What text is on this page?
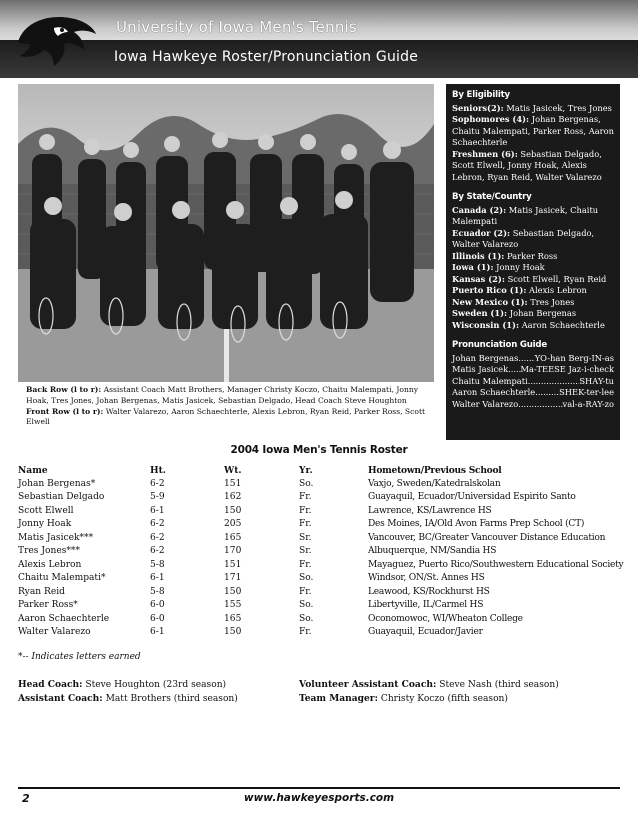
University of Iowa Men's Tennis
Iowa Hawkeye Roster/Pronunciation Guide
By Eligibility
Seniors(2): Matis Jasicek, Tres Jones
Sophomores (4): Johan Bergenas, Chaitu Malempati, Parker Ross, Aaron Schaechterle
Freshmen (6): Sebastian Delgado, Scott Elwell, Jonny Hoak, Alexis Lebron, Ryan Reid, Walter Valarezo
By State/Country
Canada (2): Matis Jasicek, Chaitu Malempati
Ecuador (2): Sebastian Delgado, Walter Valarezo
Illinois (1): Parker Ross
Iowa (1): Jonny Hoak
Kansas (2): Scott Elwell, Ryan Reid
Puerto Rico (1): Alexis Lebron
New Mexico (1): Tres Jones
Sweden (1): Johan Bergenas
Wisconsin (1): Aaron Schaechterle
Pronunciation Guide
Johan Bergenas ..... YO-han Berg-IN-as
Matis Jasicek ..... Ma-TEESE Jaz-i-check
Chaitu Malempati .....	SHAY-tu
Aaron Schaechterle .....	SHEK-ter-lee
Walter Valarezo .....	val-a-RAY-zo
Back Row (l to r): Assistant Coach Matt Brothers, Manager Christy Koczo, Chaitu Malempati, Jonny Hoak, Tres Jones, Johan Bergenas, Matis Jasicek, Sebastian Delgado, Head Coach Steve Houghton
Front Row (l to r): Walter Valarezo, Aaron Schaechterle, Alexis Lebron, Ryan Reid, Parker Ross, Scott Elwell
2004 Iowa Men's Tennis Roster
Name	Ht.	Wt.	Yr.	Hometown/Previous School
Johan Bergenas*	6-2	151	So.	Vaxjo, Sweden/Katedralskolan
Sebastian Delgado	5-9	162	Fr.	Guayaquil, Ecuador/Universidad Espirito Santo
Scott Elwell	6-1	150	Fr.	Lawrence, KS/Lawrence HS
Jonny Hoak	6-2	205	Fr.	Des Moines, IA/Old Avon Farms Prep School (CT)
Matis Jasicek***	6-2	165	Sr.	Vancouver, BC/Greater Vancouver Distance Education
Tres Jones***	6-2	170	Sr.	Albuquerque, NM/Sandia HS
Alexis Lebron	5-8	151	Fr.	Mayaguez, Puerto Rico/Southwestern Educational Society
Chaitu Malempati*	6-1	171	So.	Windsor, ON/St. Annes HS
Ryan Reid	5-8	150	Fr.	Leawood, KS/Rockhurst HS
Parker Ross*	6-0	155	So.	Libertyville, IL/Carmel HS
Aaron Schaechterle	6-0	165	So.	Oconomowoc, WI/Wheaton College
Walter Valarezo	6-1	150	Fr.	Guayaquil, Ecuador/Javier
*-- Indicates letters earned
Head Coach: Steve Houghton (23rd season)
Assistant Coach: Matt Brothers (third season)
Volunteer Assistant Coach: Steve Nash (third season)
Team Manager: Christy Koczo (fifth season)
2	www.hawkeyesports.com
